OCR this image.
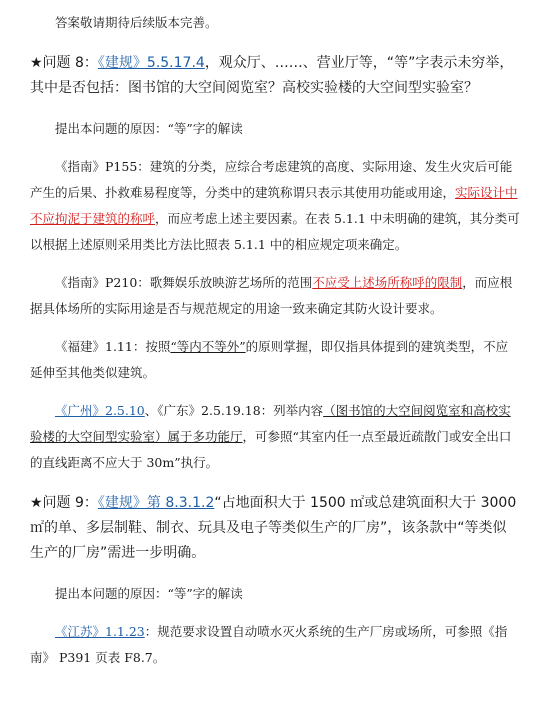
答案敬请期待后续版本完善。

★问题 8：《建规》5.5.17.4，观众厅、……、营业厅等，“等”字表示未穷举，其中是否包括：图书馆的大空间阅览室？高校实验楼的大空间型实验室？

提出本问题的原因：“等”字的解读

《指南》P155：建筑的分类，应综合考虑建筑的高度、实际用途、发生火灾后可能产生的后果、扑救难易程度等，分类中的建筑称谓只表示其使用功能或用途，实际设计中不应拘泥于建筑的称呼，而应考虑上述主要因素。在表 5.1.1 中未明确的建筑，其分类可以根据上述原则采用类比方法比照表 5.1.1 中的相应规定项来确定。

《指南》P210：歌舞娱乐放映游艺场所的范围不应受上述场所称呼的限制，而应根据具体场所的实际用途是否与规范规定的用途一致来确定其防火设计要求。

《福建》1.11：按照“等内不等外”的原则掌握，即仅指具体提到的建筑类型，不应延伸至其他类似建筑。

《广州》2.5.10、《广东》2.5.19.18：列举内容（图书馆的大空间阅览室和高校实验楼的大空间型实验室）属于多功能厅，可参照“其室内任一点至最近疏散门或安全出口的直线距离不应大于 30m”执行。

★问题 9：《建规》第 8.3.1.2“占地面积大于 1500 ㎡或总建筑面积大于 3000 ㎡的单、多层制鞋、制衣、玩具及电子等类似生产的厂房”，该条款中“等类似生产的厂房”需进一步明确。

提出本问题的原因：“等”字的解读

《江苏》1.1.23：规范要求设置自动喷水灭火系统的生产厂房或场所，可参照《指南》 P391 页表 F8.7。
